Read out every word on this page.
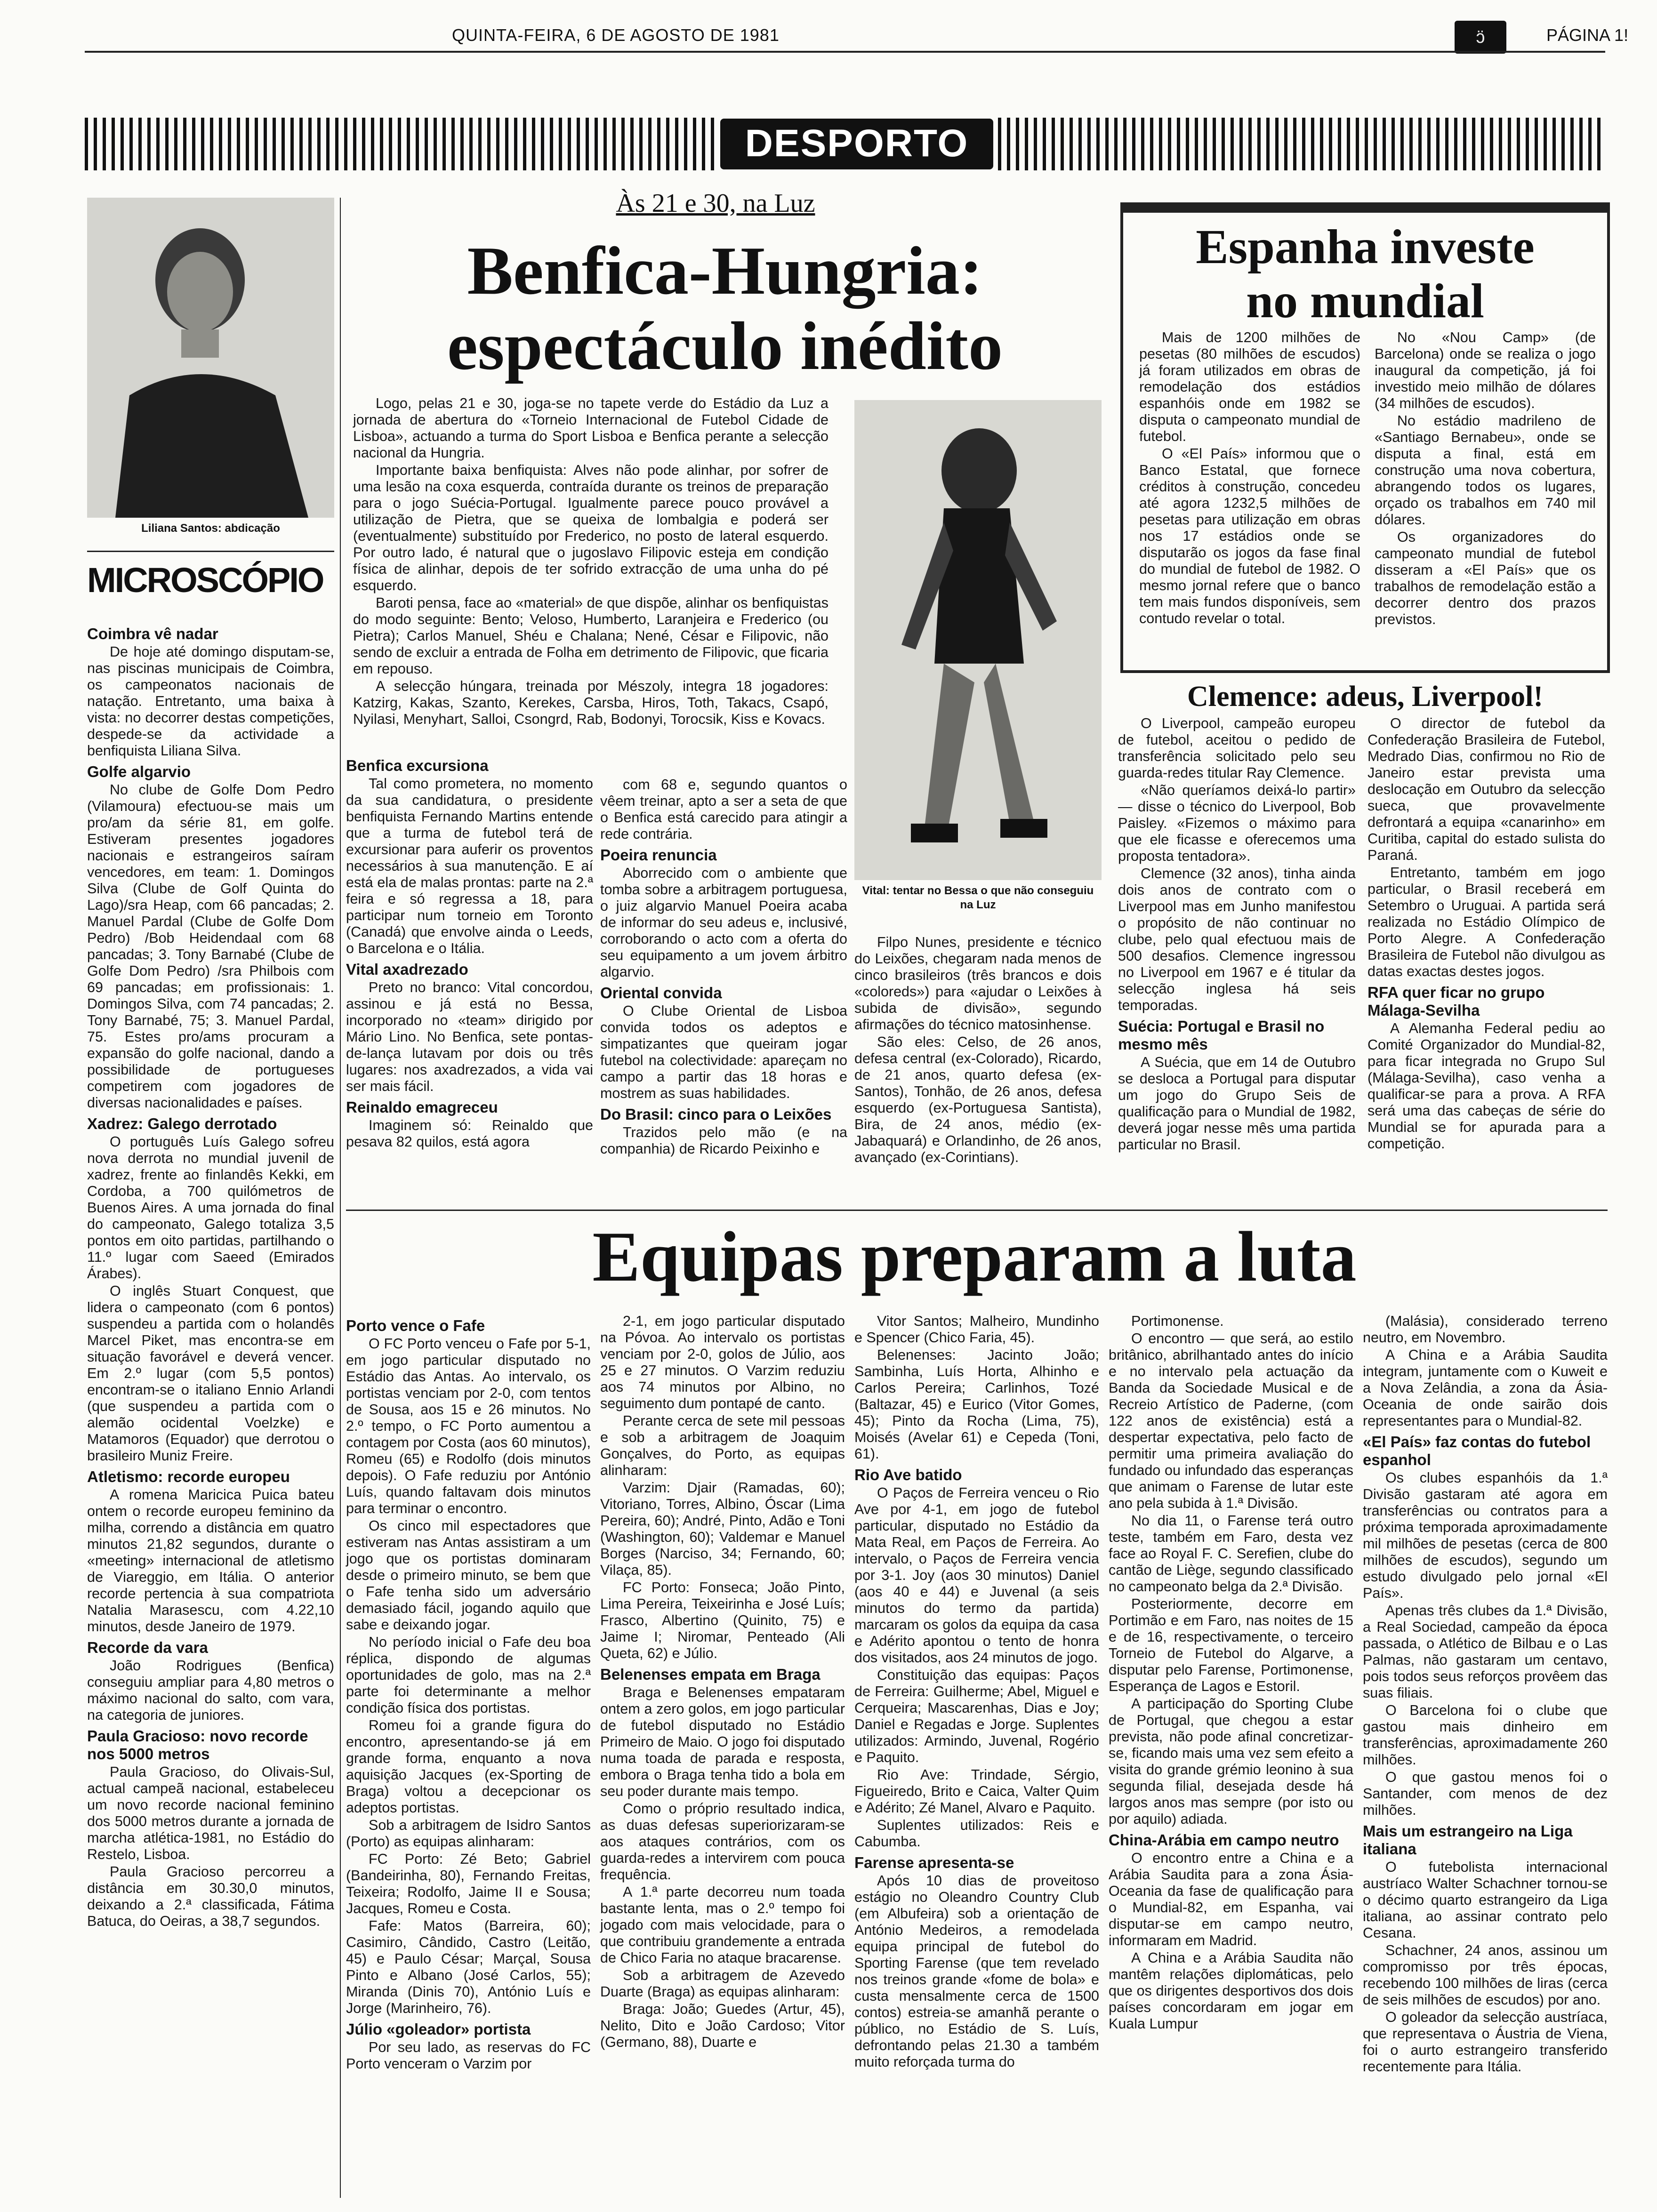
QUINTA-FEIRA, 6 DE AGOSTO DE 1981	ɔ̈	PÁGINA 1!
DESPORTO
Liliana Santos: abdicação
MICROSCÓPIO

Coimbra vê nadar

De hoje até domingo disputam-se, nas piscinas municipais de Coimbra, os campeonatos nacionais de natação. Entretanto, uma baixa à vista: no decorrer destas competições, despede-se da actividade a benfiquista Liliana Silva.

Golfe algarvio

No clube de Golfe Dom Pedro (Vilamoura) efectuou-se mais um pro/am da série 81, em golfe. Estiveram presentes jogadores nacionais e estrangeiros saíram vencedores, em team: 1. Domingos Silva (Clube de Golf Quinta do Lago)/sra Heap, com 66 pancadas; 2. Manuel Pardal (Clube de Golfe Dom Pedro) /Bob Heidendaal com 68 pancadas; 3. Tony Barnabé (Clube de Golfe Dom Pedro) /sra Philbois com 69 pancadas; em profissionais: 1. Domingos Silva, com 74 pancadas; 2. Tony Barnabé, 75; 3. Manuel Pardal, 75. Estes pro/ams procuram a expansão do golfe nacional, dando a possibilidade de portugueses competirem com jogadores de diversas nacionalidades e países.

Xadrez: Galego derrotado

O português Luís Galego sofreu nova derrota no mundial juvenil de xadrez, frente ao finlandês Kekki, em Cordoba, a 700 quilómetros de Buenos Aires. A uma jornada do final do campeonato, Galego totaliza 3,5 pontos em oito partidas, partilhando o 11.º lugar com Saeed (Emirados Árabes).

O inglês Stuart Conquest, que lidera o campeonato (com 6 pontos) suspendeu a partida com o holandês Marcel Piket, mas encontra-se em situação favorável e deverá vencer. Em 2.º lugar (com 5,5 pontos) encontram-se o italiano Ennio Arlandi (que suspendeu a partida com o alemão ocidental Voelzke) e Matamoros (Equador) que derrotou o brasileiro Muniz Freire.

Atletismo: recorde europeu

A romena Maricica Puica bateu ontem o recorde europeu feminino da milha, correndo a distância em quatro minutos 21,82 segundos, durante o «meeting» internacional de atletismo de Viareggio, em Itália. O anterior recorde pertencia à sua compatriota Natalia Marasescu, com 4.22,10 minutos, desde Janeiro de 1979.

Recorde da vara

João Rodrigues (Benfica) conseguiu ampliar para 4,80 metros o máximo nacional do salto, com vara, na categoria de juniores.

Paula Gracioso: novo recorde nos 5000 metros

Paula Gracioso, do Olivais-Sul, actual campeã nacional, estabeleceu um novo recorde nacional feminino dos 5000 metros durante a jornada de marcha atlética-1981, no Estádio do Restelo, Lisboa.

Paula Gracioso percorreu a distância em 30.30,0 minutos, deixando a 2.ª classificada, Fátima Batuca, do Oeiras, a 38,7 segundos.

Às 21 e 30, na Luz
Benfica-Hungria:
espectáculo inédito

Logo, pelas 21 e 30, joga-se no tapete verde do Estádio da Luz a jornada de abertura do «Torneio Internacional de Futebol Cidade de Lisboa», actuando a turma do Sport Lisboa e Benfica perante a selecção nacional da Hungria.

Importante baixa benfiquista: Alves não pode alinhar, por sofrer de uma lesão na coxa esquerda, contraída durante os treinos de preparação para o jogo Suécia-Portugal. Igualmente parece pouco provável a utilização de Pietra, que se queixa de lombalgia e poderá ser (eventualmente) substituído por Frederico, no posto de lateral esquerdo. Por outro lado, é natural que o jugoslavo Filipovic esteja em condição física de alinhar, depois de ter sofrido extracção de uma unha do pé esquerdo.

Baroti pensa, face ao «material» de que dispõe, alinhar os benfiquistas do modo seguinte: Bento; Veloso, Humberto, Laranjeira e Frederico (ou Pietra); Carlos Manuel, Shéu e Chalana; Nené, César e Filipovic, não sendo de excluir a entrada de Folha em detrimento de Filipovic, que ficaria em repouso.

A selecção húngara, treinada por Mészoly, integra 18 jogadores: Katzirg, Kakas, Szanto, Kerekes, Carsba, Hiros, Toth, Takacs, Csapó, Nyilasi, Menyhart, Salloi, Csongrd, Rab, Bodonyi, Torocsik, Kiss e Kovacs.

Benfica excursiona

Tal como prometera, no momento da sua candidatura, o presidente benfiquista Fernando Martins entende que a turma de futebol terá de excursionar para auferir os proventos necessários à sua manutenção. E aí está ela de malas prontas: parte na 2.ª feira e só regressa a 18, para participar num torneio em Toronto (Canadá) que envolve ainda o Leeds, o Barcelona e o Itália.

Vital axadrezado

Preto no branco: Vital concordou, assinou e já está no Bessa, incorporado no «team» dirigido por Mário Lino. No Benfica, sete pontas-de-lança lutavam por dois ou três lugares: nos axadrezados, a vida vai ser mais fácil.

Reinaldo emagreceu

Imaginem só: Reinaldo que pesava 82 quilos, está agora

com 68 e, segundo quantos o vêem treinar, apto a ser a seta de que o Benfica está carecido para atingir a rede contrária.

Poeira renuncia

Aborrecido com o ambiente que tomba sobre a arbitragem portuguesa, o juiz algarvio Manuel Poeira acaba de informar do seu adeus e, inclusivé, corroborando o acto com a oferta do seu equipamento a um jovem árbitro algarvio.

Oriental convida

O Clube Oriental de Lisboa convida todos os adeptos e simpatizantes que queiram jogar futebol na colectividade: apareçam no campo a partir das 18 horas e mostrem as suas habilidades.

Do Brasil: cinco para o Leixões

Trazidos pelo mão (e na companhia) de Ricardo Peixinho e

Vital: tentar no Bessa o que não conseguiu na Luz

Filpo Nunes, presidente e técnico do Leixões, chegaram nada menos de cinco brasileiros (três brancos e dois «coloreds») para «ajudar o Leixões à subida de divisão», segundo afirmações do técnico matosinhense.

São eles: Celso, de 26 anos, defesa central (ex-Colorado), Ricardo, de 21 anos, quarto defesa (ex-Santos), Tonhão, de 26 anos, defesa esquerdo (ex-Portuguesa Santista), Bira, de 24 anos, médio (ex-Jabaquará) e Orlandinho, de 26 anos, avançado (ex-Corintians).

Espanha investe
no mundial

Mais de 1200 milhões de pesetas (80 milhões de escudos) já foram utilizados em obras de remodelação dos estádios espanhóis onde em 1982 se disputa o campeonato mundial de futebol.

O «El País» informou que o Banco Estatal, que fornece créditos à construção, concedeu até agora 1232,5 milhões de pesetas para utilização em obras nos 17 estádios onde se disputarão os jogos da fase final do mundial de futebol de 1982. O mesmo jornal refere que o banco tem mais fundos disponíveis, sem contudo revelar o total.

No «Nou Camp» (de Barcelona) onde se realiza o jogo inaugural da competição, já foi investido meio milhão de dólares (34 milhões de escudos).

No estádio madrileno de «Santiago Bernabeu», onde se disputa a final, está em construção uma nova cobertura, abrangendo todos os lugares, orçado os trabalhos em 740 mil dólares.

Os organizadores do campeonato mundial de futebol disseram a «El País» que os trabalhos de remodelação estão a decorrer dentro dos prazos previstos.

Clemence: adeus, Liverpool!

O Liverpool, campeão europeu de futebol, aceitou o pedido de transferência solicitado pelo seu guarda-redes titular Ray Clemence.

«Não queríamos deixá-lo partir» — disse o técnico do Liverpool, Bob Paisley. «Fizemos o máximo para que ele ficasse e oferecemos uma proposta tentadora».

Clemence (32 anos), tinha ainda dois anos de contrato com o Liverpool mas em Junho manifestou o propósito de não continuar no clube, pelo qual efectuou mais de 500 desafios. Clemence ingressou no Liverpool em 1967 e é titular da selecção inglesa há seis temporadas.

Suécia: Portugal e Brasil no mesmo mês

A Suécia, que em 14 de Outubro se desloca a Portugal para disputar um jogo do Grupo Seis de qualificação para o Mundial de 1982, deverá jogar nesse mês uma partida particular no Brasil.

O director de futebol da Confederação Brasileira de Futebol, Medrado Dias, confirmou no Rio de Janeiro estar prevista uma deslocação em Outubro da selecção sueca, que provavelmente defrontará a equipa «canarinho» em Curitiba, capital do estado sulista do Paraná.

Entretanto, também em jogo particular, o Brasil receberá em Setembro o Uruguai. A partida será realizada no Estádio Olímpico de Porto Alegre. A Confederação Brasileira de Futebol não divulgou as datas exactas destes jogos.

RFA quer ficar no grupo Málaga-Sevilha

A Alemanha Federal pediu ao Comité Organizador do Mundial-82, para ficar integrada no Grupo Sul (Málaga-Sevilha), caso venha a qualificar-se para a prova. A RFA será uma das cabeças de série do Mundial se for apurada para a competição.

Equipas preparam a luta

Porto vence o Fafe

O FC Porto venceu o Fafe por 5-1, em jogo particular disputado no Estádio das Antas. Ao intervalo, os portistas venciam por 2-0, com tentos de Sousa, aos 15 e 26 minutos. No 2.º tempo, o FC Porto aumentou a contagem por Costa (aos 60 minutos), Romeu (65) e Rodolfo (dois minutos depois). O Fafe reduziu por António Luís, quando faltavam dois minutos para terminar o encontro.

Os cinco mil espectadores que estiveram nas Antas assistiram a um jogo que os portistas dominaram desde o primeiro minuto, se bem que o Fafe tenha sido um adversário demasiado fácil, jogando aquilo que sabe e deixando jogar.

No período inicial o Fafe deu boa réplica, dispondo de algumas oportunidades de golo, mas na 2.ª parte foi determinante a melhor condição física dos portistas.

Romeu foi a grande figura do encontro, apresentando-se já em grande forma, enquanto a nova aquisição Jacques (ex-Sporting de Braga) voltou a decepcionar os adeptos portistas.

Sob a arbitragem de Isidro Santos (Porto) as equipas alinharam:

FC Porto: Zé Beto; Gabriel (Bandeirinha, 80), Fernando Freitas, Teixeira; Rodolfo, Jaime II e Sousa; Jacques, Romeu e Costa.

Fafe: Matos (Barreira, 60); Casimiro, Cândido, Castro (Leitão, 45) e Paulo César; Marçal, Sousa Pinto e Albano (José Carlos, 55); Miranda (Dinis 70), António Luís e Jorge (Marinheiro, 76).

Júlio «goleador» portista

Por seu lado, as reservas do FC Porto venceram o Varzim por

2-1, em jogo particular disputado na Póvoa. Ao intervalo os portistas venciam por 2-0, golos de Júlio, aos 25 e 27 minutos. O Varzim reduziu aos 74 minutos por Albino, no seguimento dum pontapé de canto.

Perante cerca de sete mil pessoas e sob a arbitragem de Joaquim Gonçalves, do Porto, as equipas alinharam:

Varzim: Djair (Ramadas, 60); Vitoriano, Torres, Albino, Óscar (Lima Pereira, 60); André, Pinto, Adão e Toni (Washington, 60); Valdemar e Manuel Borges (Narciso, 34; Fernando, 60; Vilaça, 85).

FC Porto: Fonseca; João Pinto, Lima Pereira, Teixeirinha e José Luís; Frasco, Albertino (Quinito, 75) e Jaime I; Niromar, Penteado (Ali Queta, 62) e Júlio.

Belenenses empata em Braga

Braga e Belenenses empataram ontem a zero golos, em jogo particular de futebol disputado no Estádio Primeiro de Maio. O jogo foi disputado numa toada de parada e resposta, embora o Braga tenha tido a bola em seu poder durante mais tempo.

Como o próprio resultado indica, as duas defesas superiorizaram-se aos ataques contrários, com os guarda-redes a intervirem com pouca frequência.

A 1.ª parte decorreu num toada bastante lenta, mas o 2.º tempo foi jogado com mais velocidade, para o que contribuiu grandemente a entrada de Chico Faria no ataque bracarense.

Sob a arbitragem de Azevedo Duarte (Braga) as equipas alinharam:

Braga: João; Guedes (Artur, 45), Nelito, Dito e João Cardoso; Vitor (Germano, 88), Duarte e

Vitor Santos; Malheiro, Mundinho e Spencer (Chico Faria, 45).

Belenenses: Jacinto João; Sambinha, Luís Horta, Alhinho e Carlos Pereira; Carlinhos, Tozé (Baltazar, 45) e Eurico (Vitor Gomes, 45); Pinto da Rocha (Lima, 75), Moisés (Avelar 61) e Cepeda (Toni, 61).

Rio Ave batido

O Paços de Ferreira venceu o Rio Ave por 4-1, em jogo de futebol particular, disputado no Estádio da Mata Real, em Paços de Ferreira. Ao intervalo, o Paços de Ferreira vencia por 3-1. Joy (aos 30 minutos) Daniel (aos 40 e 44) e Juvenal (a seis minutos do termo da partida) marcaram os golos da equipa da casa e Adérito apontou o tento de honra dos visitados, aos 24 minutos de jogo.

Constituição das equipas: Paços de Ferreira: Guilherme; Abel, Miguel e Cerqueira; Mascarenhas, Dias e Joy; Daniel e Regadas e Jorge. Suplentes utilizados: Armindo, Juvenal, Rogério e Paquito.

Rio Ave: Trindade, Sérgio, Figueiredo, Brito e Caica, Valter Quim e Adérito; Zé Manel, Alvaro e Paquito.

Suplentes utilizados: Reis e Cabumba.

Farense apresenta-se

Após 10 dias de proveitoso estágio no Oleandro Country Club (em Albufeira) sob a orientação de António Medeiros, a remodelada equipa principal de futebol do Sporting Farense (que tem revelado nos treinos grande «fome de bola» e custa mensalmente cerca de 1500 contos) estreia-se amanhã perante o público, no Estádio de S. Luís, defrontando pelas 21.30 a também muito reforçada turma do

Portimonense.

O encontro — que será, ao estilo britânico, abrilhantado antes do início e no intervalo pela actuação da Banda da Sociedade Musical e de Recreio Artístico de Paderne, (com 122 anos de existência) está a despertar expectativa, pelo facto de permitir uma primeira avaliação do fundado ou infundado das esperanças que animam o Farense de lutar este ano pela subida à 1.ª Divisão.

No dia 11, o Farense terá outro teste, também em Faro, desta vez face ao Royal F. C. Serefien, clube do cantão de Liège, segundo classificado no campeonato belga da 2.ª Divisão.

Posteriormente, decorre em Portimão e em Faro, nas noites de 15 e de 16, respectivamente, o terceiro Torneio de Futebol do Algarve, a disputar pelo Farense, Portimonense, Esperança de Lagos e Estoril.

A participação do Sporting Clube de Portugal, que chegou a estar prevista, não pode afinal concretizar-se, ficando mais uma vez sem efeito a visita do grande grémio leonino à sua segunda filial, desejada desde há largos anos mas sempre (por isto ou por aquilo) adiada.

China-Arábia em campo neutro

O encontro entre a China e a Arábia Saudita para a zona Ásia-Oceania da fase de qualificação para o Mundial-82, em Espanha, vai disputar-se em campo neutro, informaram em Madrid.

A China e a Arábia Saudita não mantêm relações diplomáticas, pelo que os dirigentes desportivos dos dois países concordaram em jogar em Kuala Lumpur

(Malásia), considerado terreno neutro, em Novembro.

A China e a Arábia Saudita integram, juntamente com o Kuweit e a Nova Zelândia, a zona da Ásia-Oceania de onde sairão dois representantes para o Mundial-82.

«El País» faz contas do futebol espanhol

Os clubes espanhóis da 1.ª Divisão gastaram até agora em transferências ou contratos para a próxima temporada aproximadamente mil milhões de pesetas (cerca de 800 milhões de escudos), segundo um estudo divulgado pelo jornal «El País».

Apenas três clubes da 1.ª Divisão, a Real Sociedad, campeão da época passada, o Atlético de Bilbau e o Las Palmas, não gastaram um centavo, pois todos seus reforços provêem das suas filiais.

O Barcelona foi o clube que gastou mais dinheiro em transferências, aproximadamente 260 milhões.

O que gastou menos foi o Santander, com menos de dez milhões.

Mais um estrangeiro na Liga italiana

O futebolista internacional austríaco Walter Schachner tornou-se o décimo quarto estrangeiro da Liga italiana, ao assinar contrato pelo Cesana.

Schachner, 24 anos, assinou um compromisso por três épocas, recebendo 100 milhões de liras (cerca de seis milhões de escudos) por ano.

O goleador da selecção austríaca, que representava o Áustria de Viena, foi o aurto estrangeiro transferido recentemente para Itália.
